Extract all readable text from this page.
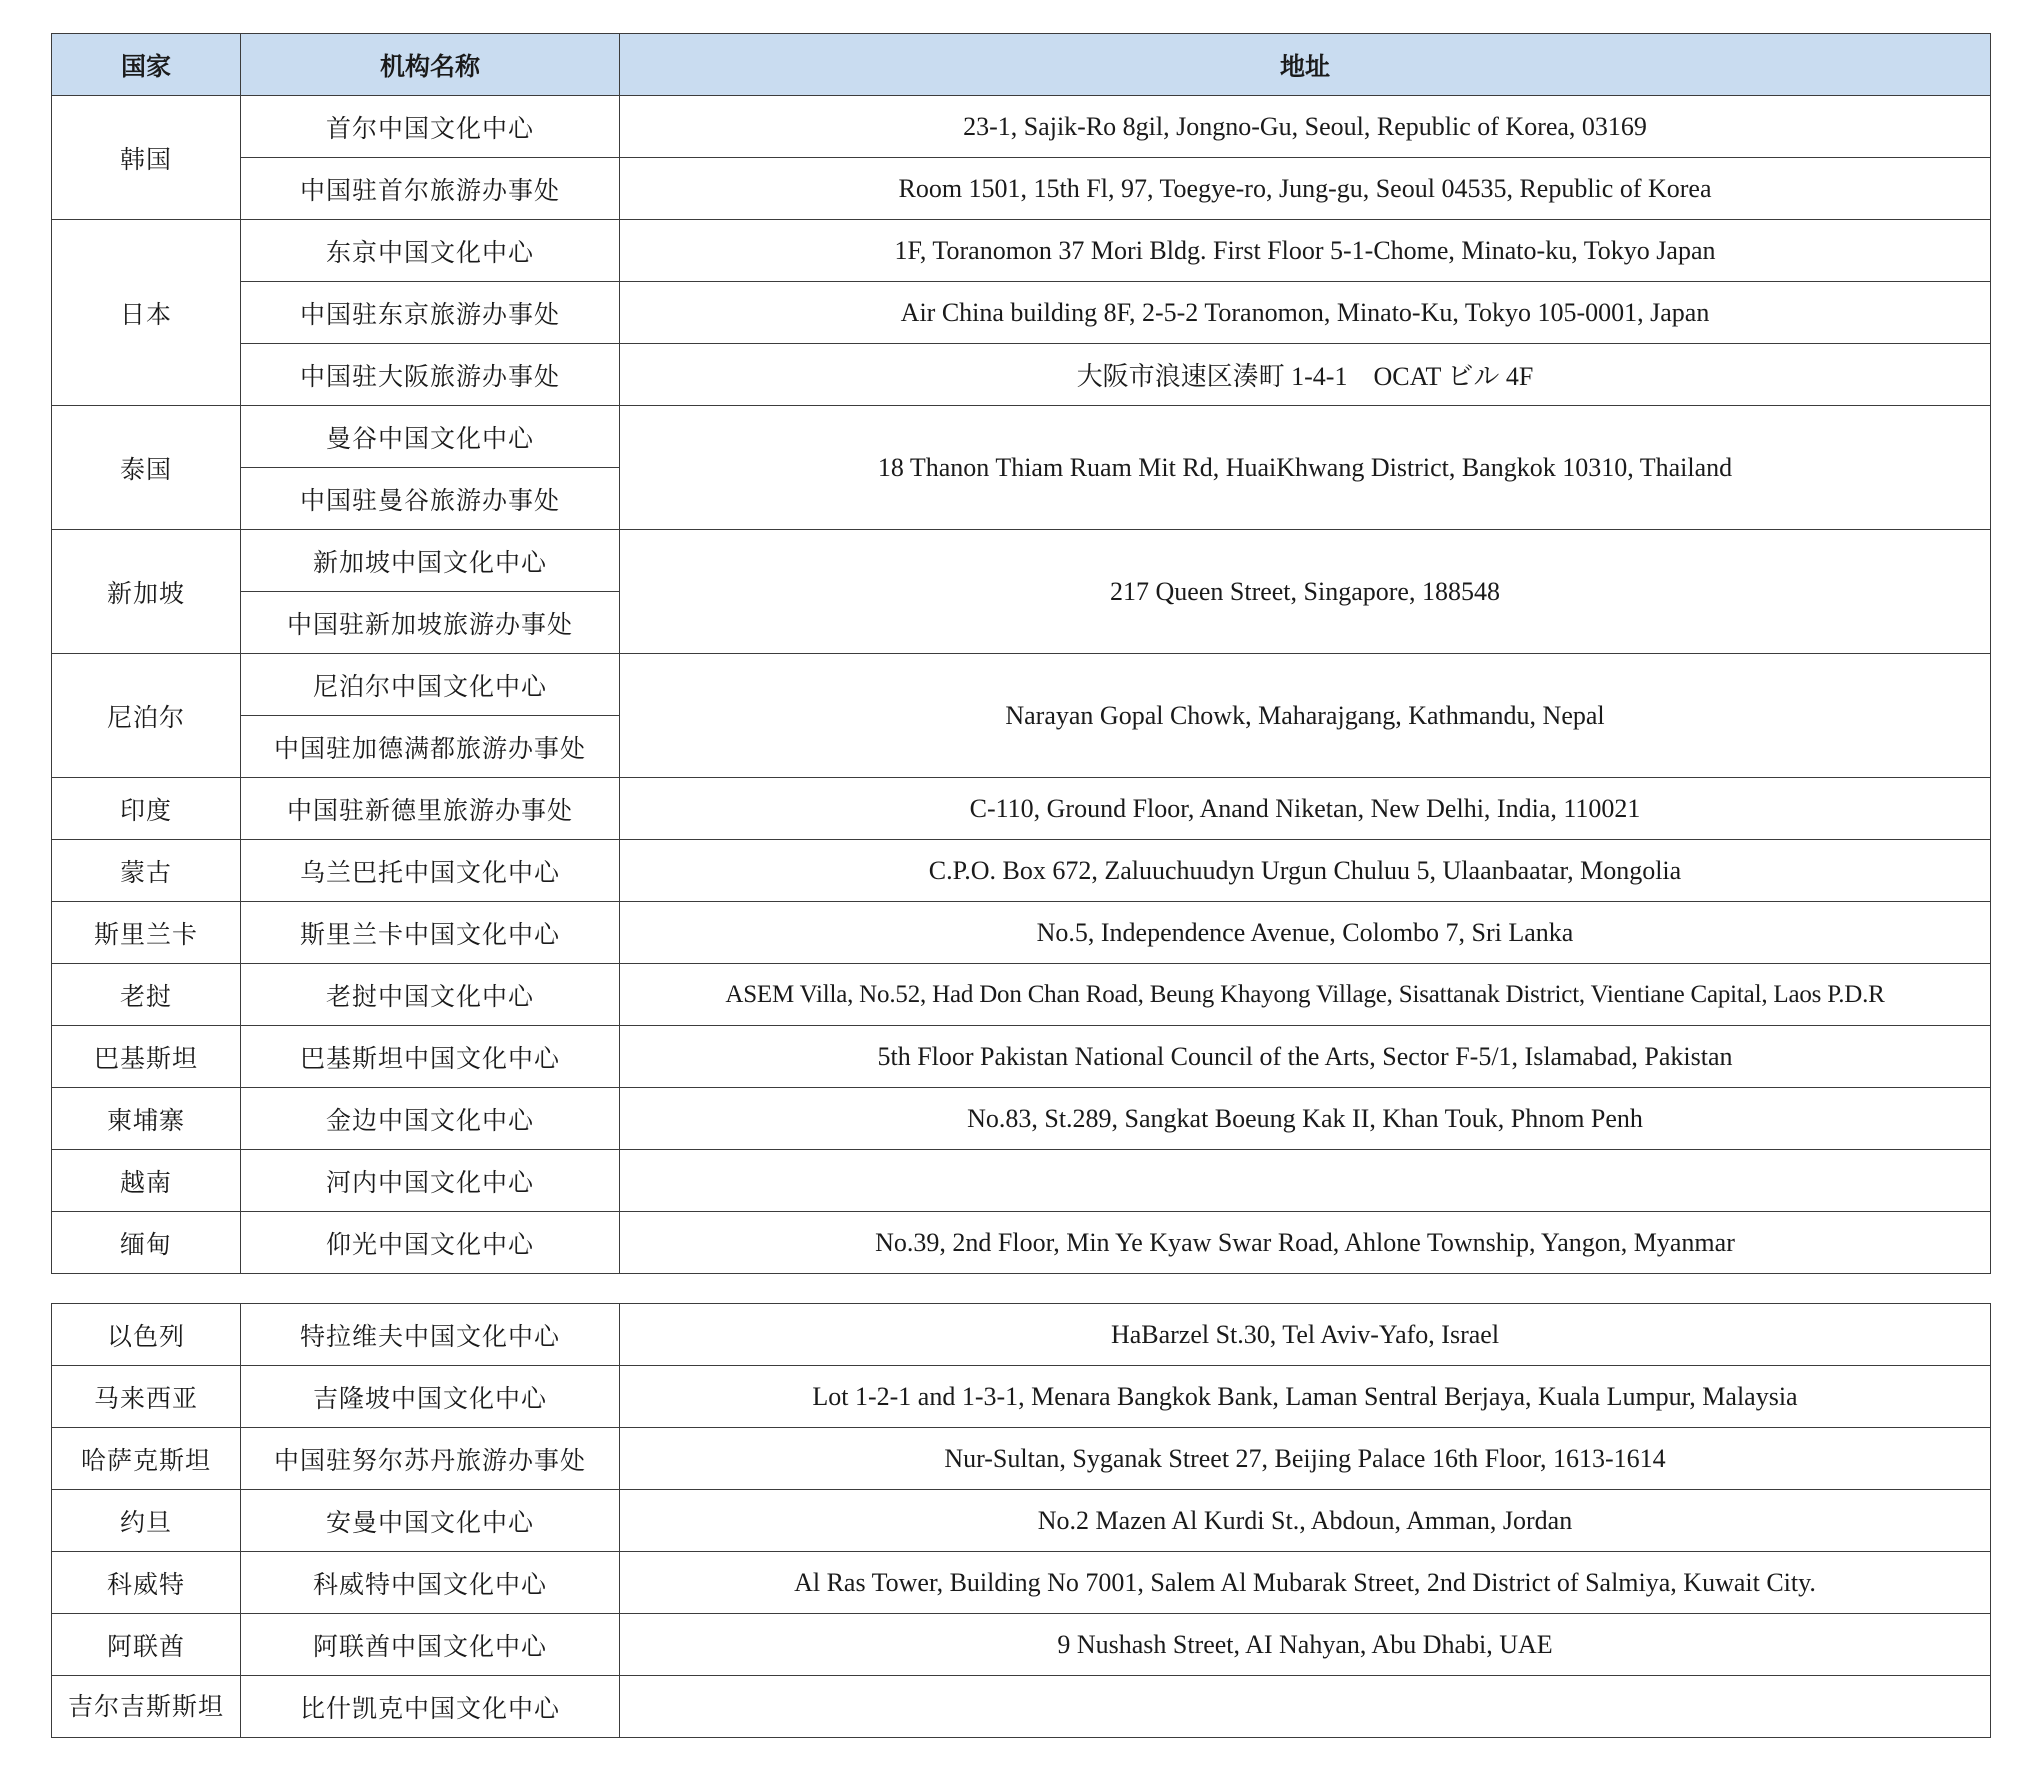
国家	机构名称	地址
韩国	首尔中国文化中心	23-1, Sajik-Ro 8gil, Jongno-Gu, Seoul, Republic of Korea, 03169
	中国驻首尔旅游办事处	Room 1501, 15th Fl, 97, Toegye-ro, Jung-gu, Seoul 04535, Republic of Korea
日本	东京中国文化中心	1F, Toranomon 37 Mori Bldg. First Floor 5-1-Chome, Minato-ku, Tokyo Japan
	中国驻东京旅游办事处	Air China building 8F, 2-5-2 Toranomon, Minato-Ku, Tokyo 105-0001, Japan
	中国驻大阪旅游办事处	大阪市浪速区湊町 1-4-1　OCAT ビル 4F
泰国	曼谷中国文化中心	18 Thanon Thiam Ruam Mit Rd, HuaiKhwang District, Bangkok 10310, Thailand
	中国驻曼谷旅游办事处	
新加坡	新加坡中国文化中心	217 Queen Street, Singapore, 188548
	中国驻新加坡旅游办事处	
尼泊尔	尼泊尔中国文化中心	Narayan Gopal Chowk, Maharajgang, Kathmandu, Nepal
	中国驻加德满都旅游办事处	
印度	中国驻新德里旅游办事处	C-110, Ground Floor, Anand Niketan, New Delhi, India, 110021
蒙古	乌兰巴托中国文化中心	C.P.O. Box 672, Zaluuchuudyn Urgun Chuluu 5, Ulaanbaatar, Mongolia
斯里兰卡	斯里兰卡中国文化中心	No.5, Independence Avenue, Colombo 7, Sri Lanka
老挝	老挝中国文化中心	ASEM Villa, No.52, Had Don Chan Road, Beung Khayong Village, Sisattanak District, Vientiane Capital, Laos P.D.R
巴基斯坦	巴基斯坦中国文化中心	5th Floor Pakistan National Council of the Arts, Sector F-5/1, Islamabad, Pakistan
柬埔寨	金边中国文化中心	No.83, St.289, Sangkat Boeung Kak II, Khan Touk, Phnom Penh
越南	河内中国文化中心	
缅甸	仰光中国文化中心	No.39, 2nd Floor, Min Ye Kyaw Swar Road, Ahlone Township, Yangon, Myanmar
以色列	特拉维夫中国文化中心	HaBarzel St.30, Tel Aviv-Yafo, Israel
马来西亚	吉隆坡中国文化中心	Lot 1-2-1 and 1-3-1, Menara Bangkok Bank, Laman Sentral Berjaya, Kuala Lumpur, Malaysia
哈萨克斯坦	中国驻努尔苏丹旅游办事处	Nur-Sultan, Syganak Street 27, Beijing Palace 16th Floor, 1613-1614
约旦	安曼中国文化中心	No.2 Mazen Al Kurdi St., Abdoun, Amman, Jordan
科威特	科威特中国文化中心	Al Ras Tower, Building No 7001, Salem Al Mubarak Street, 2nd District of Salmiya, Kuwait City.
阿联酋	阿联酋中国文化中心	9 Nushash Street, AI Nahyan, Abu Dhabi, UAE
吉尔吉斯斯坦	比什凯克中国文化中心	
